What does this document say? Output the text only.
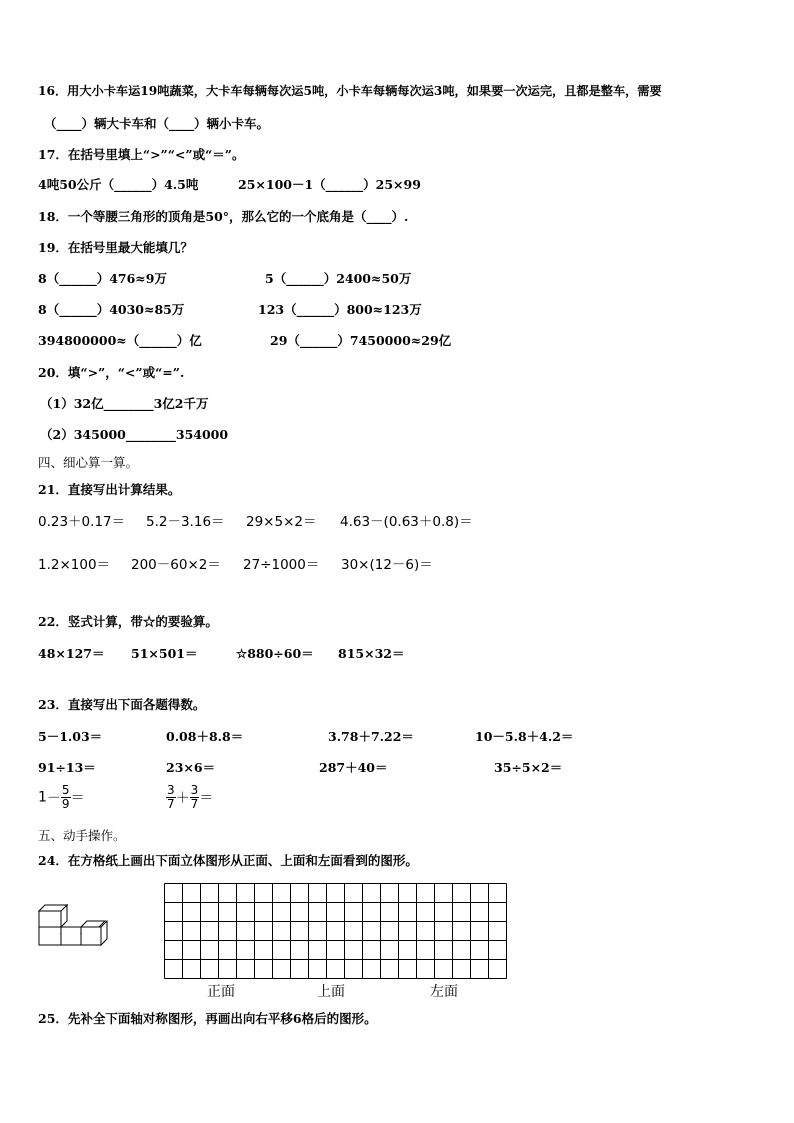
16．用大小卡车运19吨蔬菜，大卡车每辆每次运5吨，小卡车每辆每次运3吨，如果要一次运完，且都是整车，需要
（____）辆大卡车和（____）辆小卡车。
17．在括号里填上“>”“<”或“＝”。
4吨50公斤（______）4.5吨	25×100－1（______）25×99
18．一个等腰三角形的顶角是50°，那么它的一个底角是（____）.
19．在括号里最大能填几？
8（______）476≈9万	5（______）2400≈50万
8（______）4030≈85万	123（______）800≈123万
394800000≈（______）亿	29（______）7450000≈29亿
20．填“>”，“<”或“=”.
（1）32亿________3亿2千万
（2）345000________354000
四、细心算一算。
21．直接写出计算结果。
0.23＋0.17＝ 5.2－3.16＝ 29×5×2＝ 4.63－(0.63＋0.8)＝
1.2×100＝ 200－60×2＝ 27÷1000＝ 30×(12－6)＝
22．竖式计算，带☆的要验算。
48×127＝ 51×501＝	☆880÷60＝ 815×32＝
23．直接写出下面各题得数。
5－1.03＝	0.08＋8.8＝	3.78＋7.22＝	10－5.8＋4.2＝
91÷13＝	23×6＝	287＋40＝	35÷5×2＝
$1- \frac{5}{9}$ ＝	$\frac{3}{7} + \frac{3}{7}$ ＝
五、动手操作。
24．在方格纸上画出下面立体图形从正面、上面和左面看到的图形。
正面	上面	左面
25．先补全下面轴对称图形，再画出向右平移6格后的图形。
